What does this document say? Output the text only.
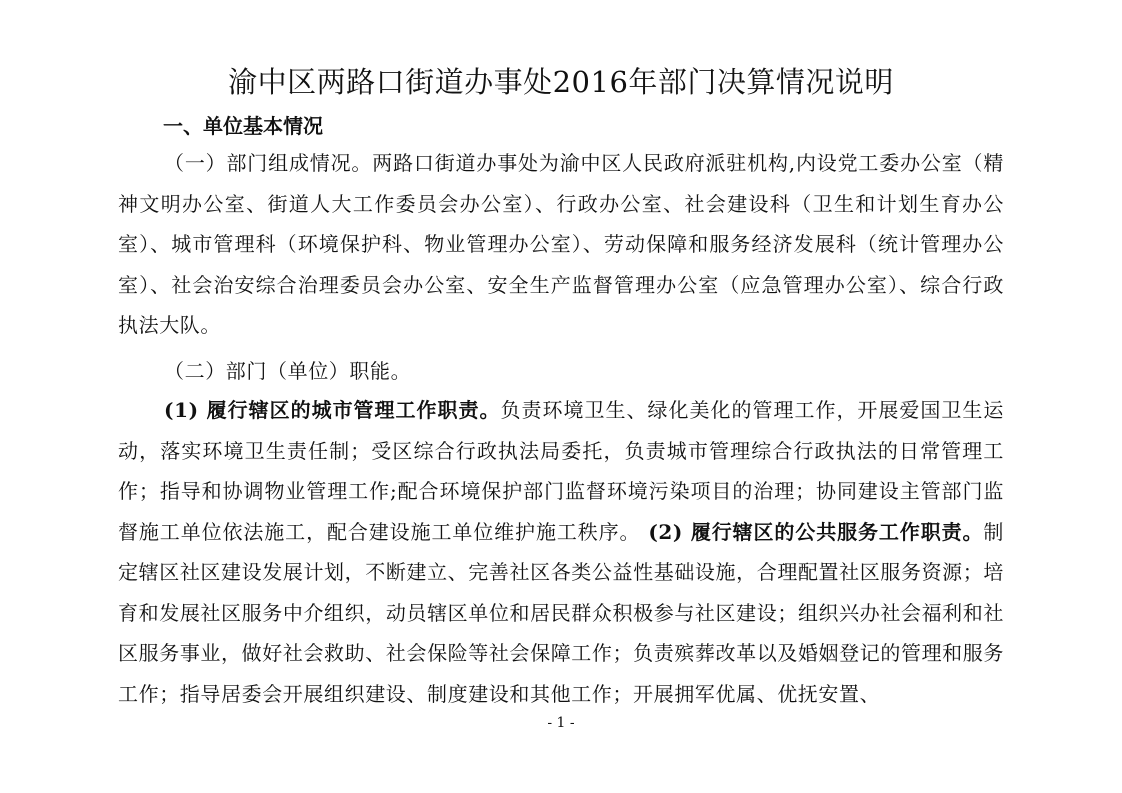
渝中区两路口街道办事处2016年部门决算情况说明
一、单位基本情况
（一）部门组成情况。两路口街道办事处为渝中区人民政府派驻机构,内设党工委办公室（精神文明办公室、街道人大工作委员会办公室）、行政办公室、社会建设科（卫生和计划生育办公室）、城市管理科（环境保护科、物业管理办公室）、劳动保障和服务经济发展科（统计管理办公室）、社会治安综合治理委员会办公室、安全生产监督管理办公室（应急管理办公室）、综合行政执法大队。
（二）部门（单位）职能。
(1) 履行辖区的城市管理工作职责。负责环境卫生、绿化美化的管理工作，开展爱国卫生运动，落实环境卫生责任制；受区综合行政执法局委托，负责城市管理综合行政执法的日常管理工作；指导和协调物业管理工作;配合环境保护部门监督环境污染项目的治理；协同建设主管部门监督施工单位依法施工，配合建设施工单位维护施工秩序。 (2) 履行辖区的公共服务工作职责。制定辖区社区建设发展计划，不断建立、完善社区各类公益性基础设施，合理配置社区服务资源；培育和发展社区服务中介组织，动员辖区单位和居民群众积极参与社区建设；组织兴办社会福利和社区服务事业，做好社会救助、社会保险等社会保障工作；负责殡葬改革以及婚姻登记的管理和服务工作；指导居委会开展组织建设、制度建设和其他工作；开展拥军优属、优抚安置、
- 1 -
